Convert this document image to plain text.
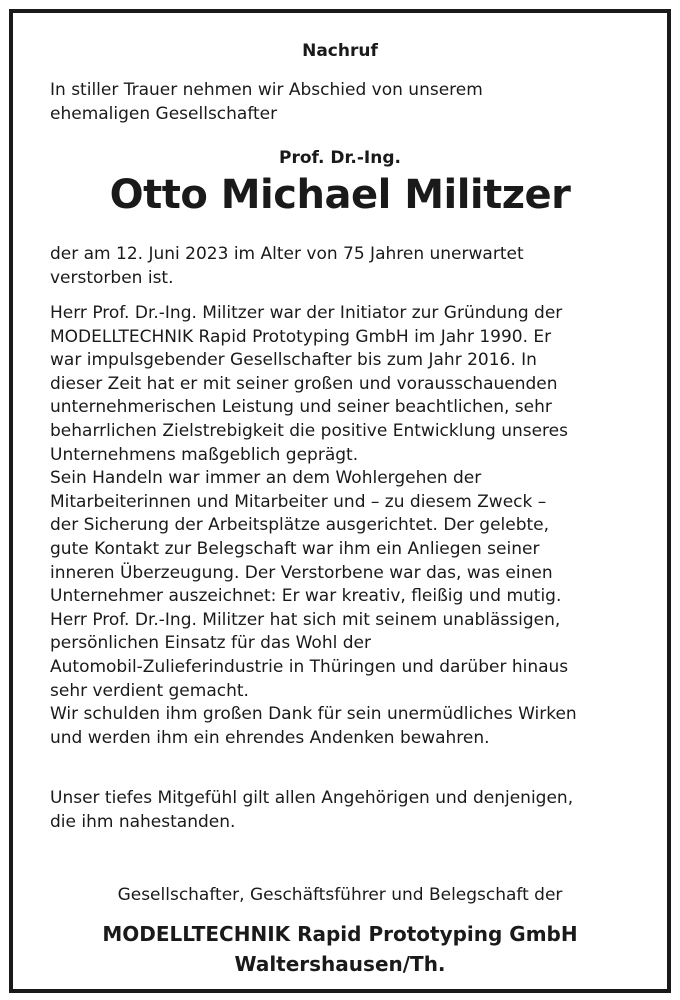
Nachruf
In stiller Trauer nehmen wir Abschied von unserem
ehemaligen Gesellschafter
Prof. Dr.-Ing.
Otto Michael Militzer
der am 12. Juni 2023 im Alter von 75 Jahren unerwartet
verstorben ist.
Herr Prof. Dr.-Ing. Militzer war der Initiator zur Gründung der
MODELLTECHNIK Rapid Prototyping GmbH im Jahr 1990. Er
war impulsgebender Gesellschafter bis zum Jahr 2016. In
dieser Zeit hat er mit seiner großen und vorausschauenden
unternehmerischen Leistung und seiner beachtlichen, sehr
beharrlichen Zielstrebigkeit die positive Entwicklung unseres
Unternehmens maßgeblich geprägt.
Sein Handeln war immer an dem Wohlergehen der
Mitarbeiterinnen und Mitarbeiter und – zu diesem Zweck –
der Sicherung der Arbeitsplätze ausgerichtet. Der gelebte,
gute Kontakt zur Belegschaft war ihm ein Anliegen seiner
inneren Überzeugung. Der Verstorbene war das, was einen
Unternehmer auszeichnet: Er war kreativ, fleißig und mutig.
Herr Prof. Dr.-Ing. Militzer hat sich mit seinem unablässigen,
persönlichen Einsatz für das Wohl der
Automobil-Zulieferindustrie in Thüringen und darüber hinaus
sehr verdient gemacht.
Wir schulden ihm großen Dank für sein unermüdliches Wirken
und werden ihm ein ehrendes Andenken bewahren.
Unser tiefes Mitgefühl gilt allen Angehörigen und denjenigen,
die ihm nahestanden.
Gesellschafter, Geschäftsführer und Belegschaft der
MODELLTECHNIK Rapid Prototyping GmbH
Waltershausen/Th.
